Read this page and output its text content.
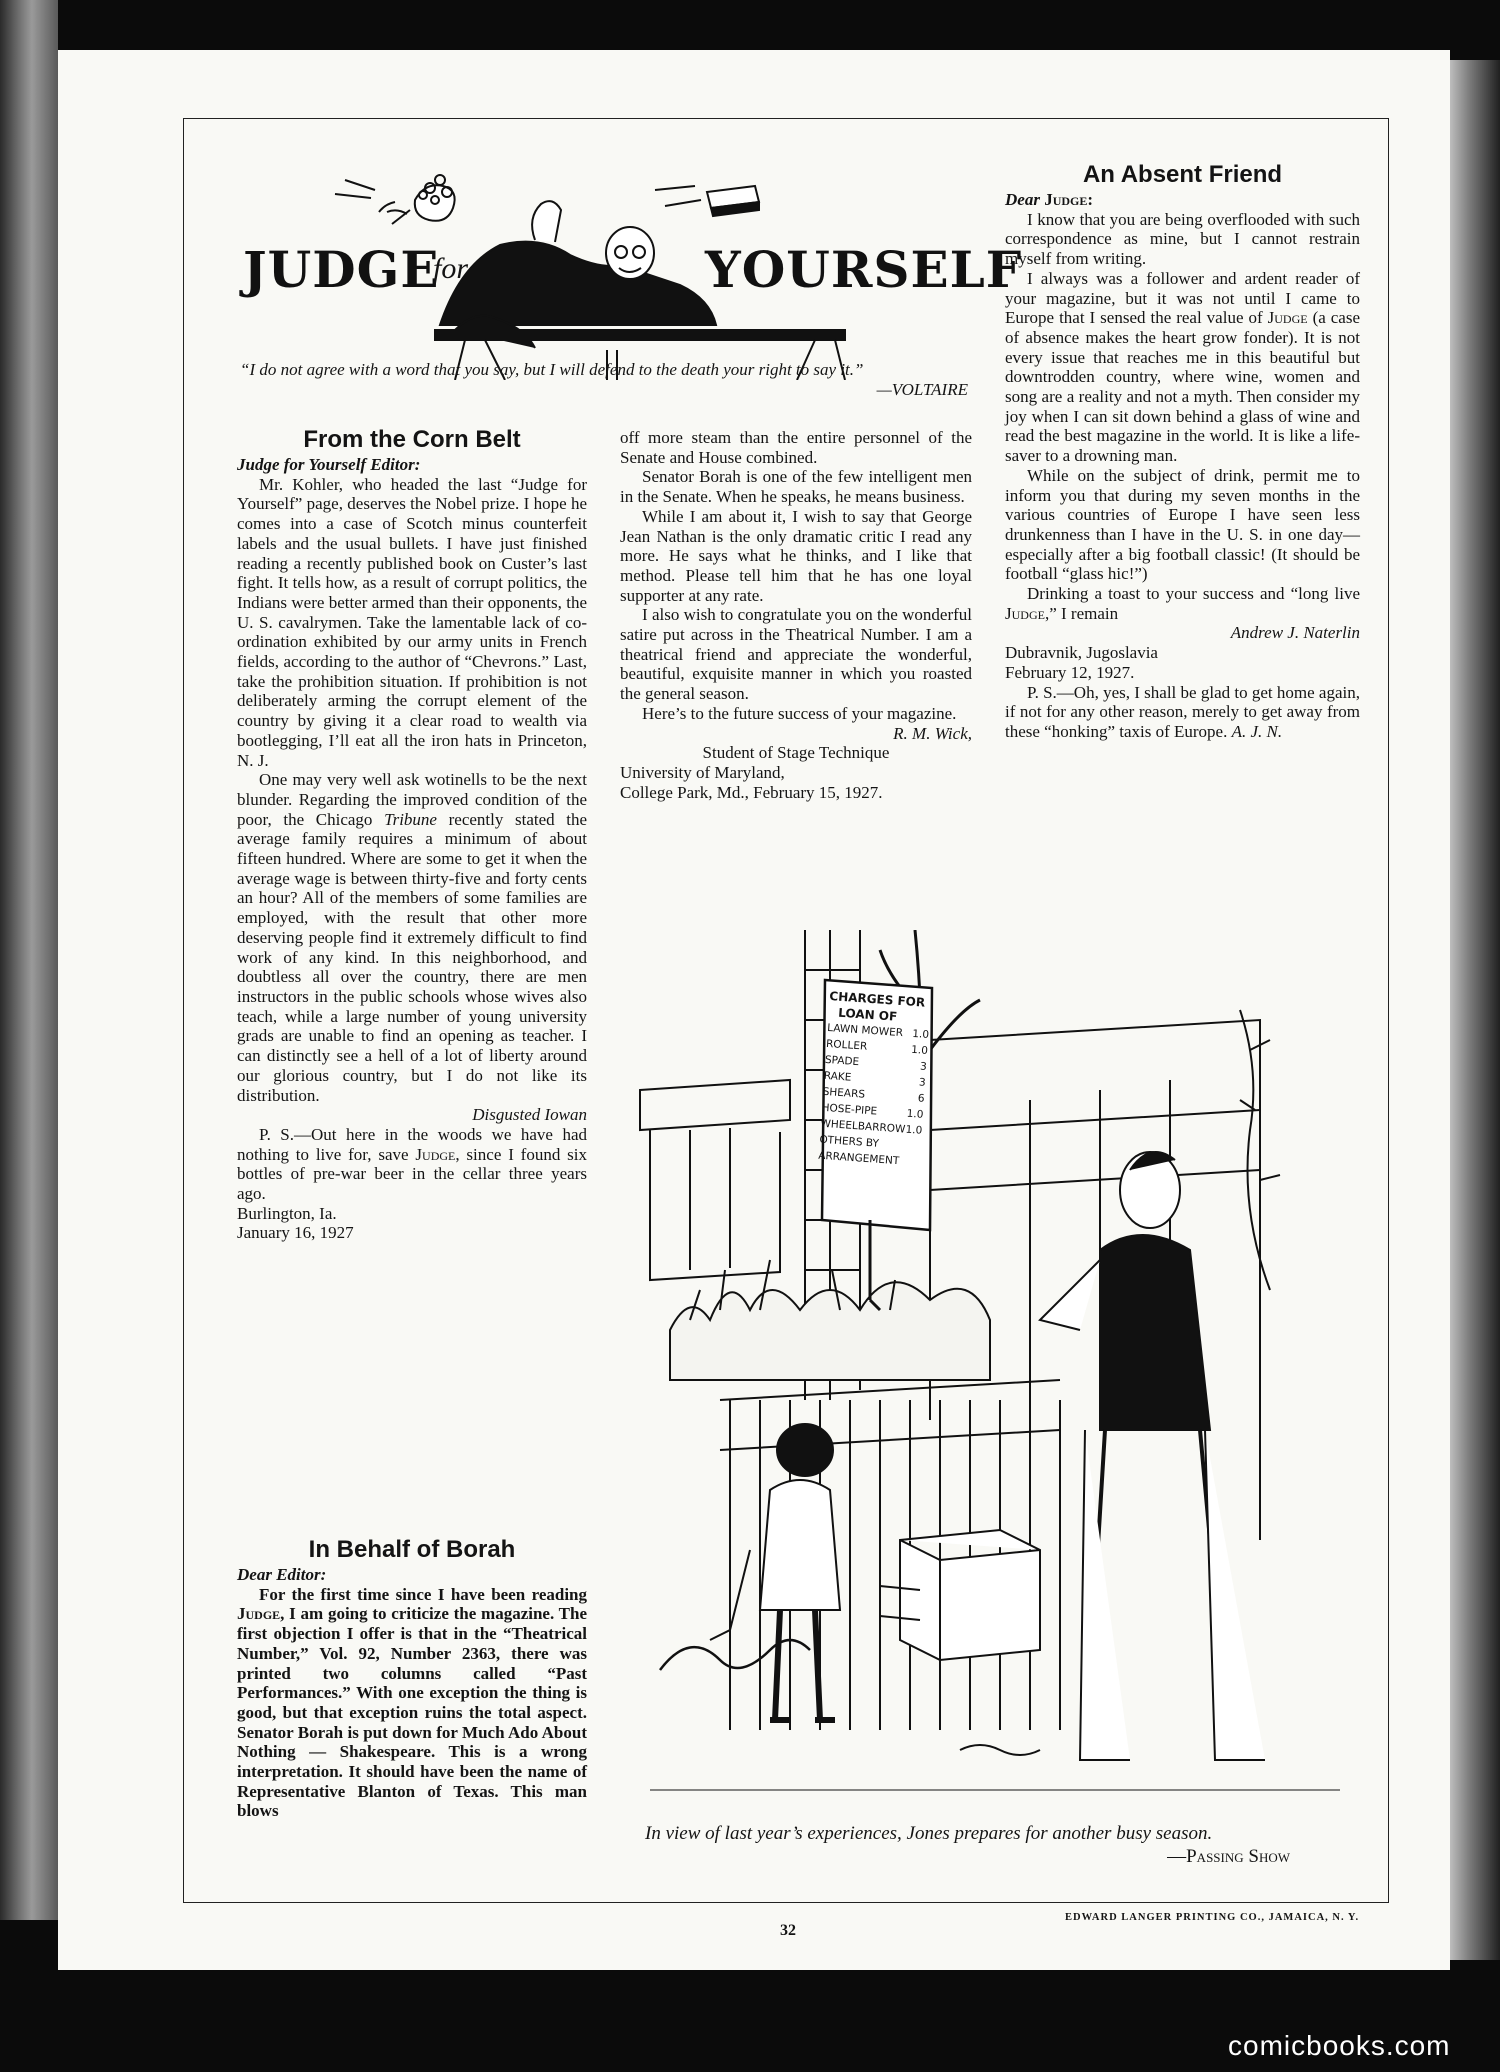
JUDGE
for	YOURSELF
“I do not agree with a word that you say, but I will defend to the death your right to say it.”
—VOLTAIRE
From the Corn Belt

Judge for Yourself Editor:

Mr. Kohler, who headed the last “Judge for Yourself” page, deserves the Nobel prize. I hope he comes into a case of Scotch minus counterfeit labels and the usual bullets. I have just finished reading a recently published book on Custer’s last fight. It tells how, as a result of corrupt politics, the Indians were better armed than their opponents, the U. S. cavalrymen. Take the lamentable lack of co-ordination exhibited by our army units in French fields, according to the author of “Chevrons.” Last, take the prohibition situation. If prohibition is not deliberately arming the corrupt element of the country by giving it a clear road to wealth via bootlegging, I’ll eat all the iron hats in Princeton, N. J.

One may very well ask wotinells to be the next blunder. Regarding the improved condition of the poor, the Chicago Tribune recently stated the average family requires a minimum of about fifteen hundred. Where are some to get it when the average wage is between thirty-five and forty cents an hour? All of the members of some families are employed, with the result that other more deserving people find it extremely difficult to find work of any kind. In this neighborhood, and doubtless all over the country, there are men instructors in the public schools whose wives also teach, while a large number of young university grads are unable to find an opening as teacher. I can distinctly see a hell of a lot of liberty around our glorious country, but I do not like its distribution.

Disgusted Iowan

P. S.—Out here in the woods we have had nothing to live for, save Judge, since I found six bottles of pre-war beer in the cellar three years ago.

Burlington, Ia.

January 16, 1927

In Behalf of Borah

Dear Editor:

For the first time since I have been reading Judge, I am going to criticize the magazine. The first objection I offer is that in the “Theatrical Number,” Vol. 92, Number 2363, there was printed two columns called “Past Performances.” With one exception the thing is good, but that exception ruins the total aspect. Senator Borah is put down for Much Ado About Nothing — Shakespeare. This is a wrong interpretation. It should have been the name of Representative Blanton of Texas. This man blows

off more steam than the entire personnel of the Senate and House combined.

Senator Borah is one of the few intelligent men in the Senate. When he speaks, he means business.

While I am about it, I wish to say that George Jean Nathan is the only dramatic critic I read any more. He says what he thinks, and I like that method. Please tell him that he has one loyal supporter at any rate.

I also wish to congratulate you on the wonderful satire put across in the Theatrical Number. I am a theatrical friend and appreciate the wonderful, beautiful, exquisite manner in which you roasted the general season.

Here’s to the future success of your magazine.

R. M. Wick,

Student of Stage Technique

University of Maryland,

College Park, Md., February 15, 1927.

An Absent Friend

Dear Judge:

I know that you are being overflooded with such correspondence as mine, but I cannot restrain myself from writing.

I always was a follower and ardent reader of your magazine, but it was not until I came to Europe that I sensed the real value of Judge (a case of absence makes the heart grow fonder). It is not every issue that reaches me in this beautiful but downtrodden country, where wine, women and song are a reality and not a myth. Then consider my joy when I can sit down behind a glass of wine and read the best magazine in the world. It is like a life-saver to a drowning man.

While on the subject of drink, permit me to inform you that during my seven months in the various countries of Europe I have seen less drunkenness than I have in the U. S. in one day—especially after a big football classic! (It should be football “glass hic!”)

Drinking a toast to your success and “long live Judge,” I remain

Andrew J. Naterlin

Dubravnik, Jugoslavia

February 12, 1927.

P. S.—Oh, yes, I shall be glad to get home again, if not for any other reason, merely to get away from these “honking” taxis of Europe. A. J. N.

CHARGES FOR
LOAN OF
LAWN MOWER 1.0
ROLLER	1.0
SPADE	3
RAKE	3
SHEARS	6
HOSE-PIPE	1.0
WHEELBARROW 1.0
OTHERS BY
ARRANGEMENT
In view of last year’s experiences, Jones prepares for another busy season.
—Passing Show
EDWARD LANGER PRINTING CO., JAMAICA, N. Y.
32
comicbooks.com
